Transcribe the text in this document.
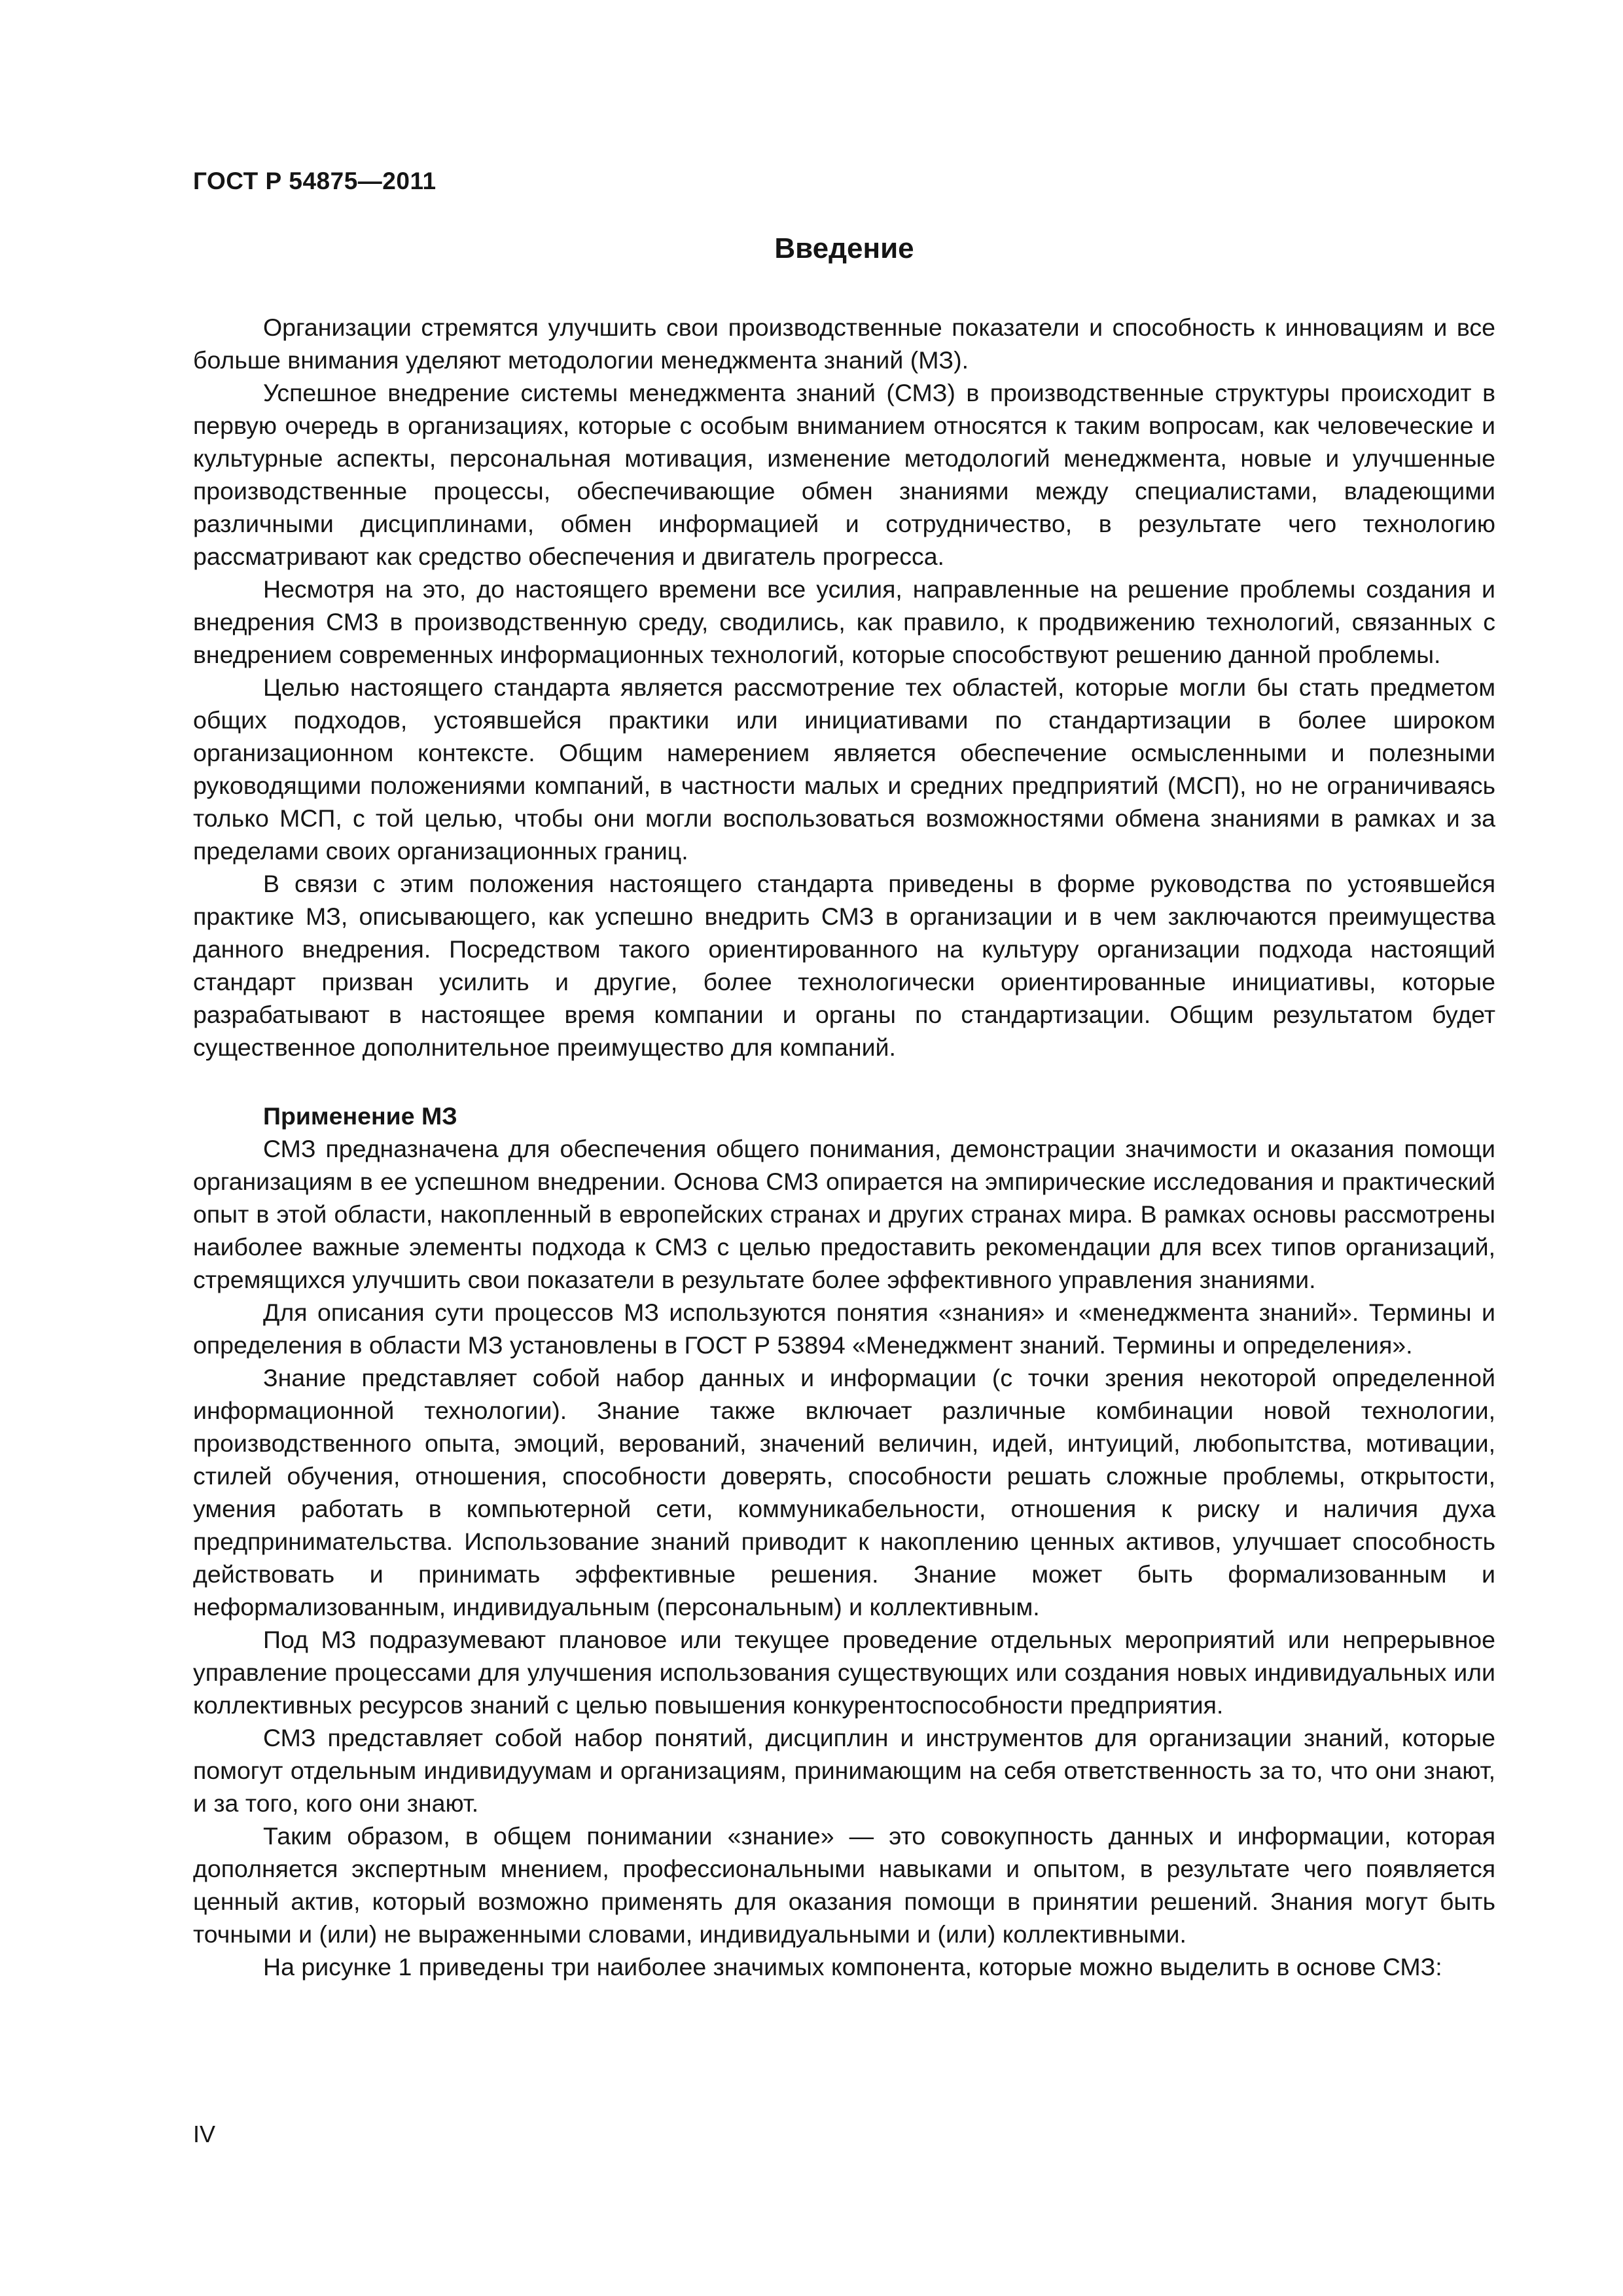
ГОСТ Р 54875—2011

Введение

Организации стремятся улучшить свои производственные показатели и способность к инновациям и все больше внимания уделяют методологии менеджмента знаний (МЗ).

Успешное внедрение системы менеджмента знаний (СМЗ) в производственные структуры происходит в первую очередь в организациях, которые с особым вниманием относятся к таким вопросам, как человеческие и культурные аспекты, персональная мотивация, изменение методологий менеджмента, новые и улучшенные производственные процессы, обеспечивающие обмен знаниями между специалистами, владеющими различными дисциплинами, обмен информацией и сотрудничество, в результате чего технологию рассматривают как средство обеспечения и двигатель прогресса.

Несмотря на это, до настоящего времени все усилия, направленные на решение проблемы создания и внедрения СМЗ в производственную среду, сводились, как правило, к продвижению технологий, связанных с внедрением современных информационных технологий, которые способствуют решению данной проблемы.

Целью настоящего стандарта является рассмотрение тех областей, которые могли бы стать предметом общих подходов, устоявшейся практики или инициативами по стандартизации в более широком организационном контексте. Общим намерением является обеспечение осмысленными и полезными руководящими положениями компаний, в частности малых и средних предприятий (МСП), но не ограничиваясь только МСП, с той целью, чтобы они могли воспользоваться возможностями обмена знаниями в рамках и за пределами своих организационных границ.

В связи с этим положения настоящего стандарта приведены в форме руководства по устоявшейся практике МЗ, описывающего, как успешно внедрить СМЗ в организации и в чем заключаются преимущества данного внедрения. Посредством такого ориентированного на культуру организации подхода настоящий стандарт призван усилить и другие, более технологически ориентированные инициативы, которые разрабатывают в настоящее время компании и органы по стандартизации. Общим результатом будет существенное дополнительное преимущество для компаний.

Применение МЗ

СМЗ предназначена для обеспечения общего понимания, демонстрации значимости и оказания помощи организациям в ее успешном внедрении. Основа СМЗ опирается на эмпирические исследования и практический опыт в этой области, накопленный в европейских странах и других странах мира. В рамках основы рассмотрены наиболее важные элементы подхода к СМЗ с целью предоставить рекомендации для всех типов организаций, стремящихся улучшить свои показатели в результате более эффективного управления знаниями.

Для описания сути процессов МЗ используются понятия «знания» и «менеджмента знаний». Термины и определения в области МЗ установлены в ГОСТ Р 53894 «Менеджмент знаний. Термины и определения».

Знание представляет собой набор данных и информации (с точки зрения некоторой определенной информационной технологии). Знание также включает различные комбинации новой технологии, производственного опыта, эмоций, верований, значений величин, идей, интуиций, любопытства, мотивации, стилей обучения, отношения, способности доверять, способности решать сложные проблемы, открытости, умения работать в компьютерной сети, коммуникабельности, отношения к риску и наличия духа предпринимательства. Использование знаний приводит к накоплению ценных активов, улучшает способность действовать и принимать эффективные решения. Знание может быть формализованным и неформализованным, индивидуальным (персональным) и коллективным.

Под МЗ подразумевают плановое или текущее проведение отдельных мероприятий или непрерывное управление процессами для улучшения использования существующих или создания новых индивидуальных или коллективных ресурсов знаний с целью повышения конкурентоспособности предприятия.

СМЗ представляет собой набор понятий, дисциплин и инструментов для организации знаний, которые помогут отдельным индивидуумам и организациям, принимающим на себя ответственность за то, что они знают, и за того, кого они знают.

Таким образом, в общем понимании «знание» — это совокупность данных и информации, которая дополняется экспертным мнением, профессиональными навыками и опытом, в результате чего появляется ценный актив, который возможно применять для оказания помощи в принятии решений. Знания могут быть точными и (или) не выраженными словами, индивидуальными и (или) коллективными.

На рисунке 1 приведены три наиболее значимых компонента, которые можно выделить в основе СМЗ:

IV
